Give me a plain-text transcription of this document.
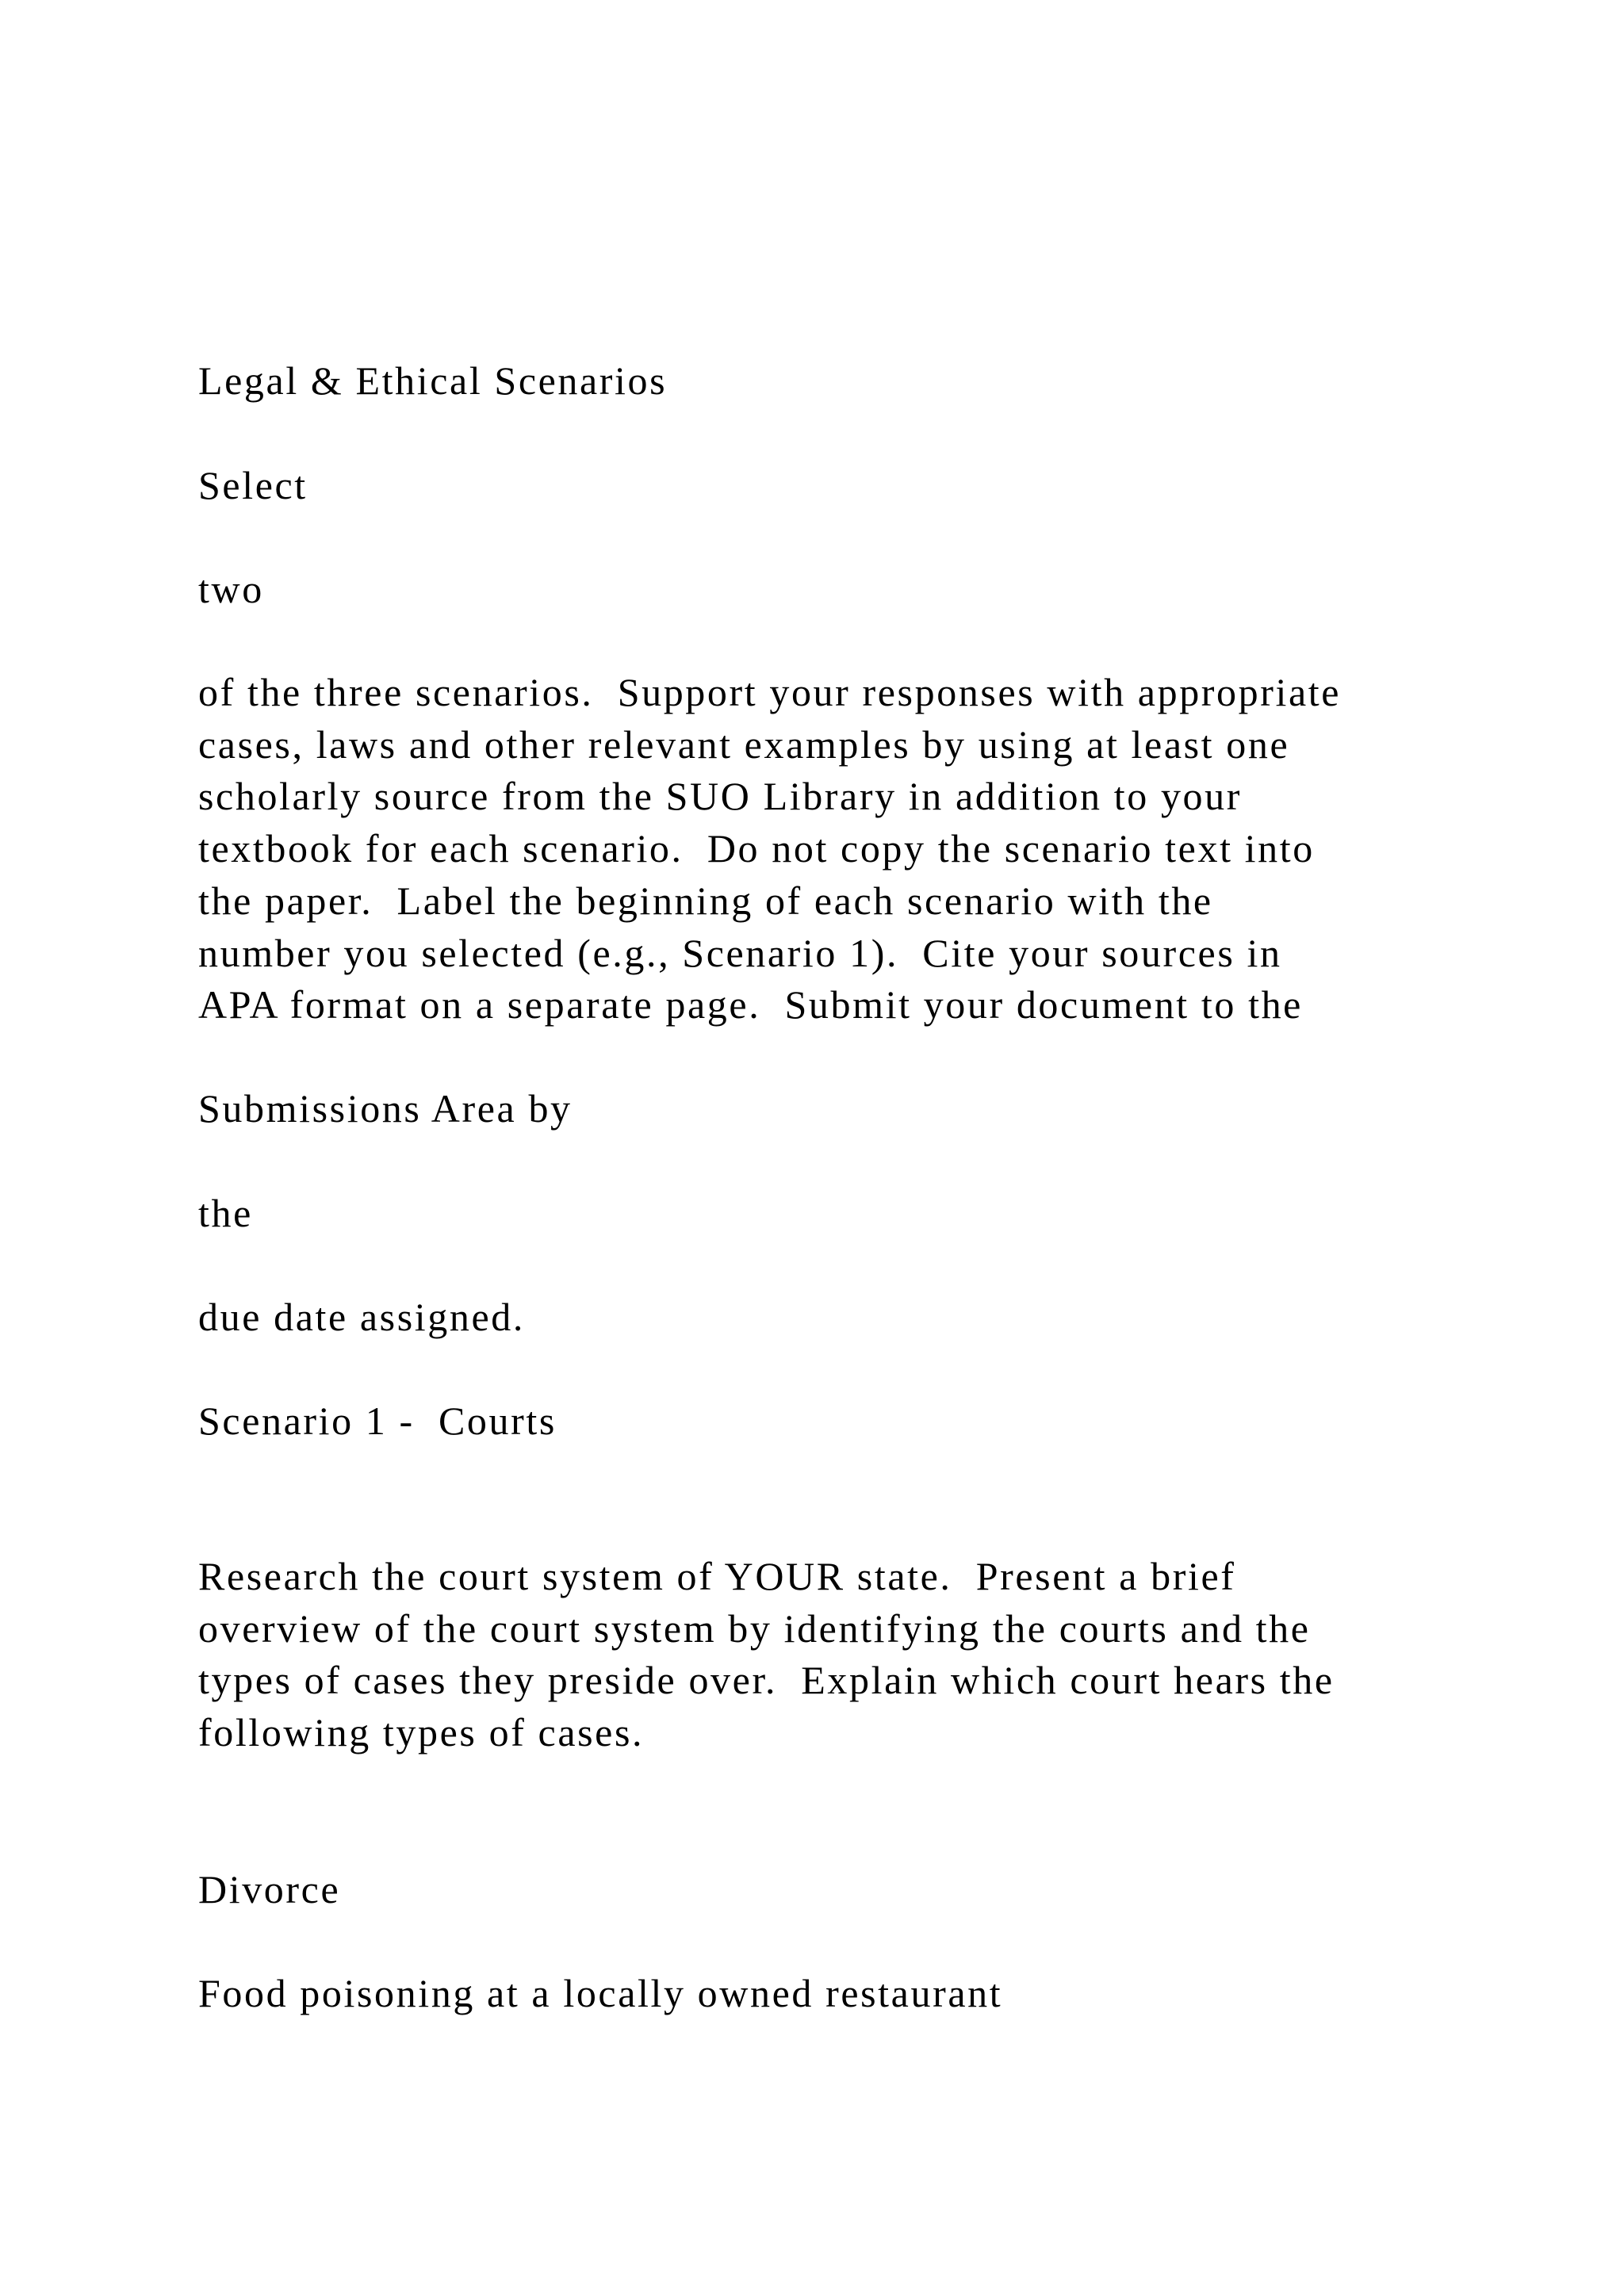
Legal & Ethical Scenarios

Select

two

of the three scenarios.  Support your responses with appropriate
cases, laws and other relevant examples by using at least one
scholarly source from the SUO Library in addition to your
textbook for each scenario.  Do not copy the scenario text into
the paper.  Label the beginning of each scenario with the
number you selected (e.g., Scenario 1).  Cite your sources in
APA format on a separate page.  Submit your document to the

Submissions Area by

the

due date assigned.

Scenario 1 -  Courts

Research the court system of YOUR state.  Present a brief
overview of the court system by identifying the courts and the
types of cases they preside over.  Explain which court hears the
following types of cases.

Divorce

Food poisoning at a locally owned restaurant
